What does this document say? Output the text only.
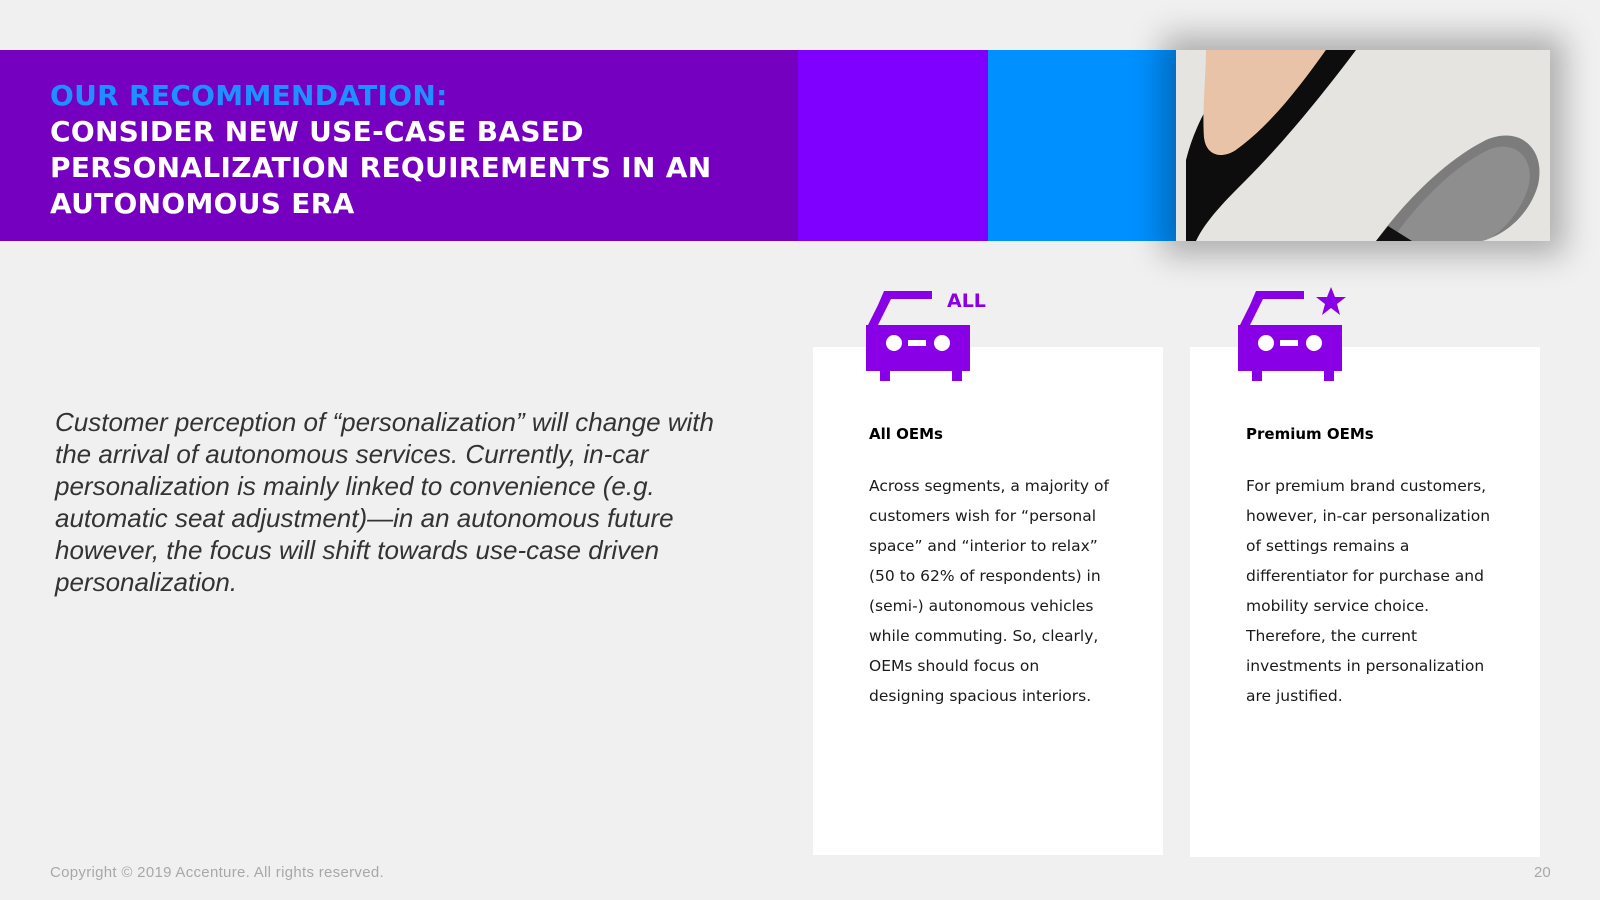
OUR RECOMMENDATION:
CONSIDER NEW USE-CASE BASED PERSONALIZATION REQUIREMENTS IN AN AUTONOMOUS ERA
Customer perception of “personalization” will change with the arrival of autonomous services. Currently, in-car personalization is mainly linked to convenience (e.g. automatic seat adjustment)—in an autonomous future however, the focus will shift towards use-case driven personalization.
ALL
All OEMs
Across segments, a majority of customers wish for “personal space” and “interior to relax” (50 to 62% of respondents) in (semi-) autonomous vehicles while commuting. So, clearly, OEMs should focus on designing spacious interiors.
Premium OEMs
For premium brand customers, however, in-car personalization of settings remains a differentiator for purchase and mobility service choice. Therefore, the current investments in personalization are justified.
Copyright © 2019 Accenture. All rights reserved.	20
